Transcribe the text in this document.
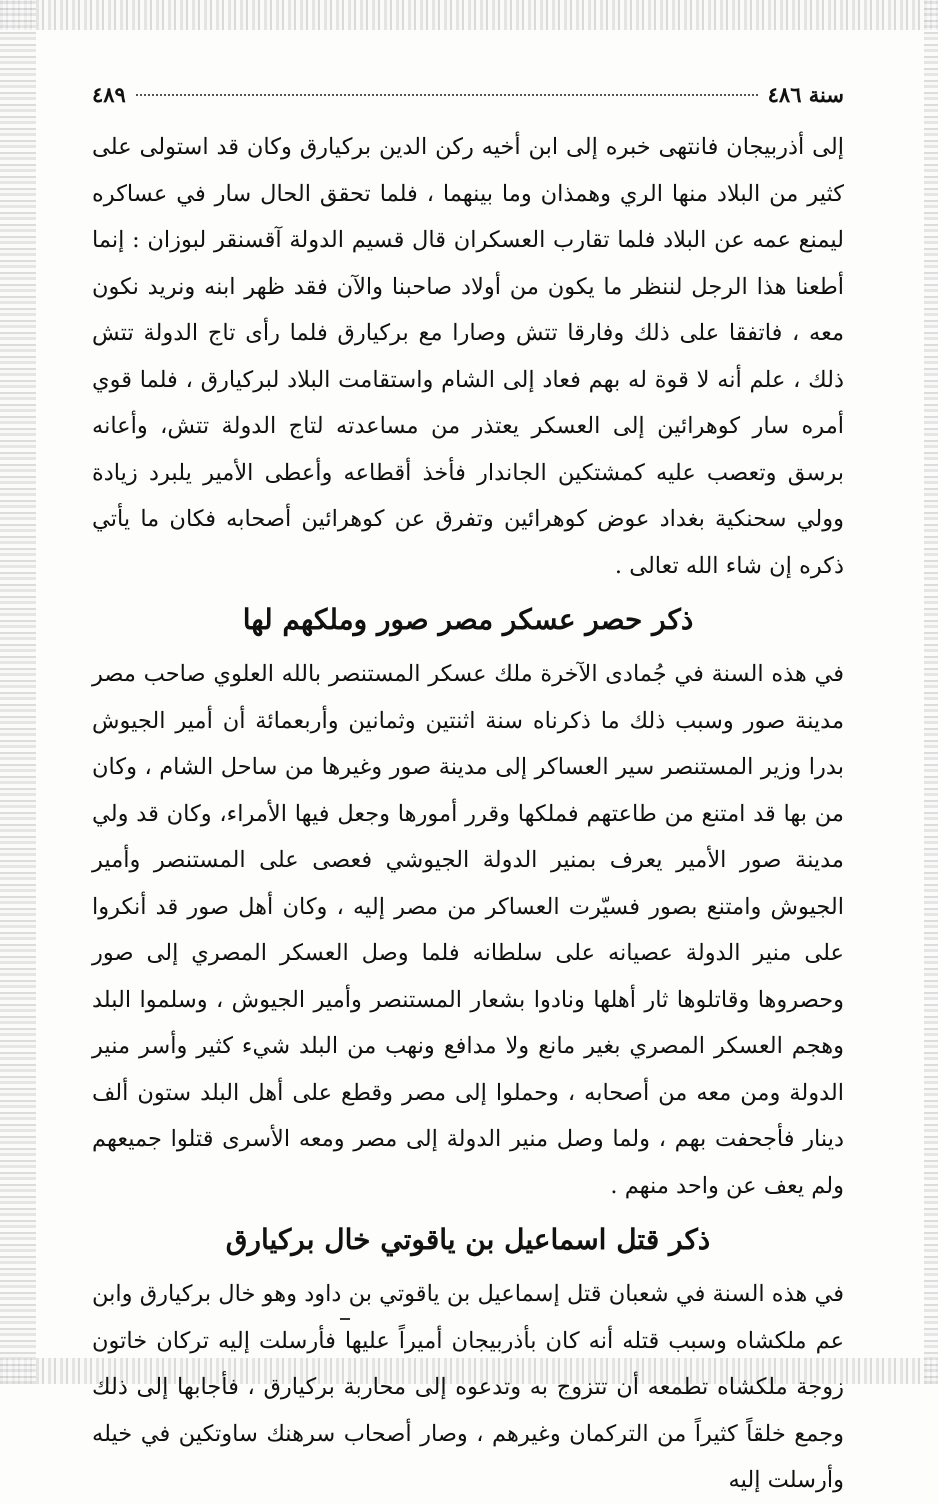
سنة ٤٨٦
٤٨٩

إلى أذربيجان فانتهى خبره إلى ابن أخيه ركن الدين بركيارق وكان قد استولى على كثير من البلاد منها الري وهمذان وما بينهما ، فلما تحقق الحال سار في عساكره ليمنع عمه عن البلاد فلما تقارب العسكران قال قسيم الدولة آقسنقر لبوزان : إنما أطعنا هذا الرجل لننظر ما يكون من أولاد صاحبنا والآن فقد ظهر ابنه ونريد نكون معه ، فاتفقا على ذلك وفارقا تتش وصارا مع بركيارق فلما رأى تاج الدولة تتش ذلك ، علم أنه لا قوة له بهم فعاد إلى الشام واستقامت البلاد لبركيارق ، فلما قوي أمره سار كوهرائين إلى العسكر يعتذر من مساعدته لتاج الدولة تتش، وأعانه برسق وتعصب عليه كمشتكين الجاندار فأخذ أقطاعه وأعطى الأمير يلبرد زيادة وولي سحنكية بغداد عوض كوهرائين وتفرق عن كوهرائين أصحابه فكان ما يأتي ذكره إن شاء الله تعالى .

ذكر حصر عسكر مصر صور وملكهم لها

في هذه السنة في جُمادى الآخرة ملك عسكر المستنصر بالله العلوي صاحب مصر مدينة صور وسبب ذلك ما ذكرناه سنة اثنتين وثمانين وأربعمائة أن أمير الجيوش بدرا وزير المستنصر سير العساكر إلى مدينة صور وغيرها من ساحل الشام ، وكان من بها قد امتنع من طاعتهم فملكها وقرر أمورها وجعل فيها الأمراء، وكان قد ولي مدينة صور الأمير يعرف بمنير الدولة الجيوشي فعصى على المستنصر وأمير الجيوش وامتنع بصور فسيّرت العساكر من مصر إليه ، وكان أهل صور قد أنكروا على منير الدولة عصيانه على سلطانه فلما وصل العسكر المصري إلى صور وحصروها وقاتلوها ثار أهلها ونادوا بشعار المستنصر وأمير الجيوش ، وسلموا البلد وهجم العسكر المصري بغير مانع ولا مدافع ونهب من البلد شيء كثير وأسر منير الدولة ومن معه من أصحابه ، وحملوا إلى مصر وقطع على أهل البلد ستون ألف دينار فأجحفت بهم ، ولما وصل منير الدولة إلى مصر ومعه الأسرى قتلوا جميعهم ولم يعف عن واحد منهم .

ذكر قتل اسماعيل بن ياقوتي خال بركيارق

في هذه السنة في شعبان قتل إسماعيل بن ياقوتي بن داود وهو خال بركيارق وابن عم ملكشاه وسبب قتله أنه كان بأذربيجان أميراً عليها فأرسلت إليه تركان خاتون زوجة ملكشاه تطمعه أن تتزوج به وتدعوه إلى محاربة بركيارق ، فأجابها إلى ذلك وجمع خلقاً كثيراً من التركمان وغيرهم ، وصار أصحاب سرهنك ساوتكين في خيله وأرسلت إليه
